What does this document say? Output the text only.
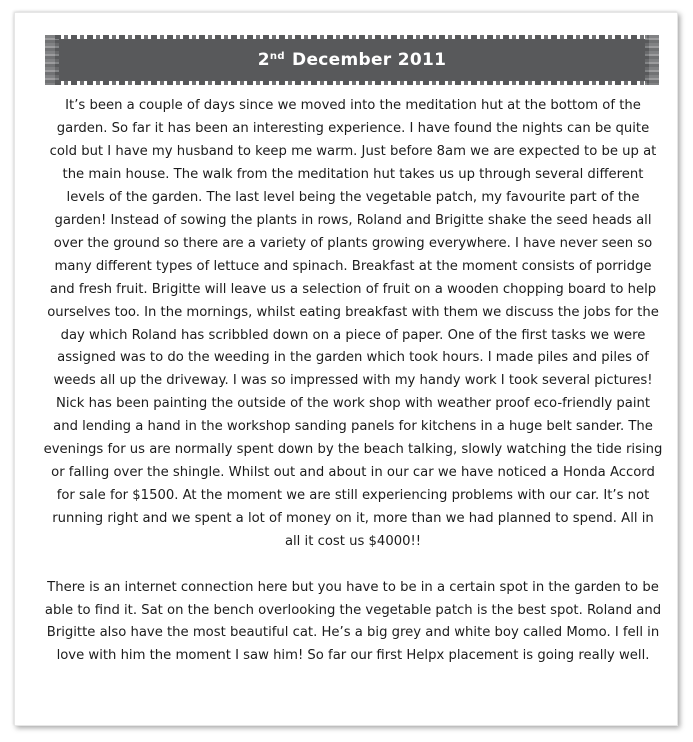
2nd December 2011

It’s been a couple of days since we moved into the meditation hut at the bottom of the garden. So far it has been an interesting experience. I have found the nights can be quite cold but I have my husband to keep me warm. Just before 8am we are expected to be up at the main house. The walk from the meditation hut takes us up through several different levels of the garden. The last level being the vegetable patch, my favourite part of the garden! Instead of sowing the plants in rows, Roland and Brigitte shake the seed heads all over the ground so there are a variety of plants growing everywhere. I have never seen so many different types of lettuce and spinach. Breakfast at the moment consists of porridge and fresh fruit. Brigitte will leave us a selection of fruit on a wooden chopping board to help ourselves too. In the mornings, whilst eating breakfast with them we discuss the jobs for the day which Roland has scribbled down on a piece of paper. One of the first tasks we were assigned was to do the weeding in the garden which took hours. I made piles and piles of weeds all up the driveway. I was so impressed with my handy work I took several pictures! Nick has been painting the outside of the work shop with weather proof eco-friendly paint and lending a hand in the workshop sanding panels for kitchens in a huge belt sander. The evenings for us are normally spent down by the beach talking, slowly watching the tide rising or falling over the shingle. Whilst out and about in our car we have noticed a Honda Accord for sale for $1500. At the moment we are still experiencing problems with our car. It’s not running right and we spent a lot of money on it, more than we had planned to spend. All in all it cost us $4000!!

There is an internet connection here but you have to be in a certain spot in the garden to be able to find it. Sat on the bench overlooking the vegetable patch is the best spot. Roland and Brigitte also have the most beautiful cat. He’s a big grey and white boy called Momo. I fell in love with him the moment I saw him! So far our first Helpx placement is going really well.
